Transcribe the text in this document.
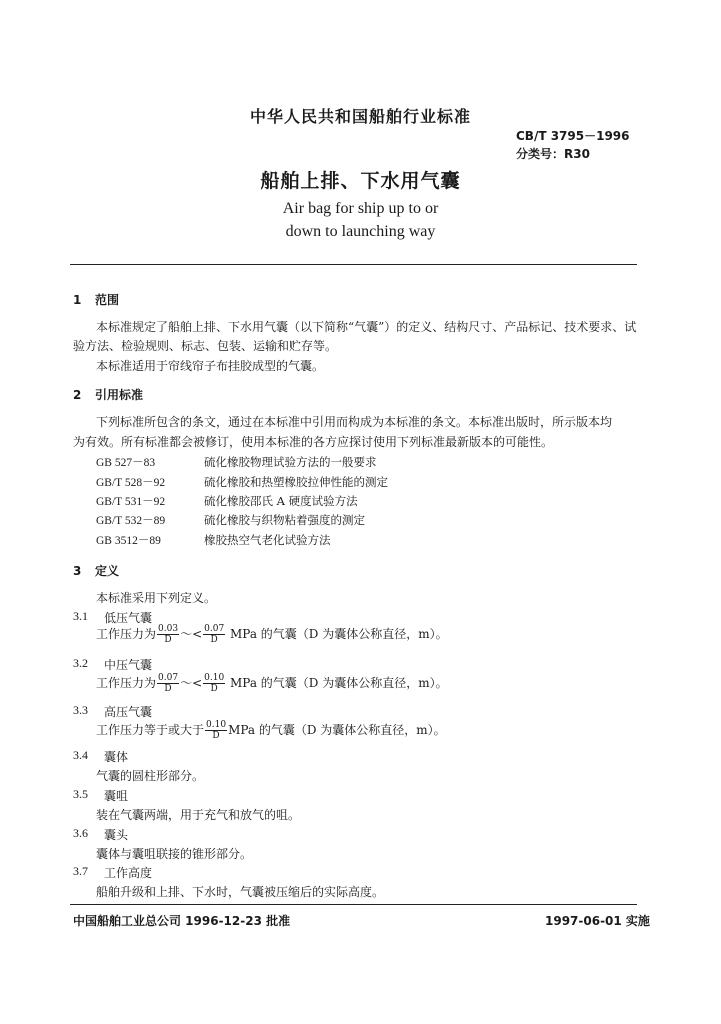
中华人民共和国船舶行业标准
CB/T 3795－1996
分类号：R30
船舶上排、下水用气囊
Air bag for ship up to or
down to launching way
1 范围
本标准规定了船舶上排、下水用气囊（以下简称“气囊”）的定义、结构尺寸、产品标记、技术要求、试
验方法、检验规则、标志、包装、运输和贮存等。
本标准适用于帘线帘子布挂胶成型的气囊。
2 引用标准
下列标准所包含的条文，通过在本标准中引用而构成为本标准的条文。本标准出版时，所示版本均
为有效。所有标准都会被修订，使用本标准的各方应探讨使用下列标准最新版本的可能性。
GB 527－83	硫化橡胶物理试验方法的一般要求
GB/T 528－92	硫化橡胶和热塑橡胶拉伸性能的测定
GB/T 531－92	硫化橡胶邵氏 A 硬度试验方法
GB/T 532－89	硫化橡胶与织物粘着强度的测定
GB 3512－89	橡胶热空气老化试验方法
3 定义
本标准采用下列定义。
3.1 低压气囊
工作压力为 $\frac{0.03}{D}$ ～< $\frac{0.07}{D}$ MPa 的气囊（D 为囊体公称直径，m）。
3.2 中压气囊
工作压力为 $\frac{0.07}{D}$ ～< $\frac{0.10}{D}$ MPa 的气囊（D 为囊体公称直径，m）。
3.3 高压气囊
工作压力等于或大于 $\frac{0.10}{D}$ MPa 的气囊（D 为囊体公称直径，m）。
3.4 囊体
气囊的圆柱形部分。
3.5 囊咀
装在气囊两端，用于充气和放气的咀。
3.6 囊头
囊体与囊咀联接的锥形部分。
3.7 工作高度
船舶升级和上排、下水时，气囊被压缩后的实际高度。
中国船舶工业总公司 1996-12-23 批准	1997-06-01 实施
